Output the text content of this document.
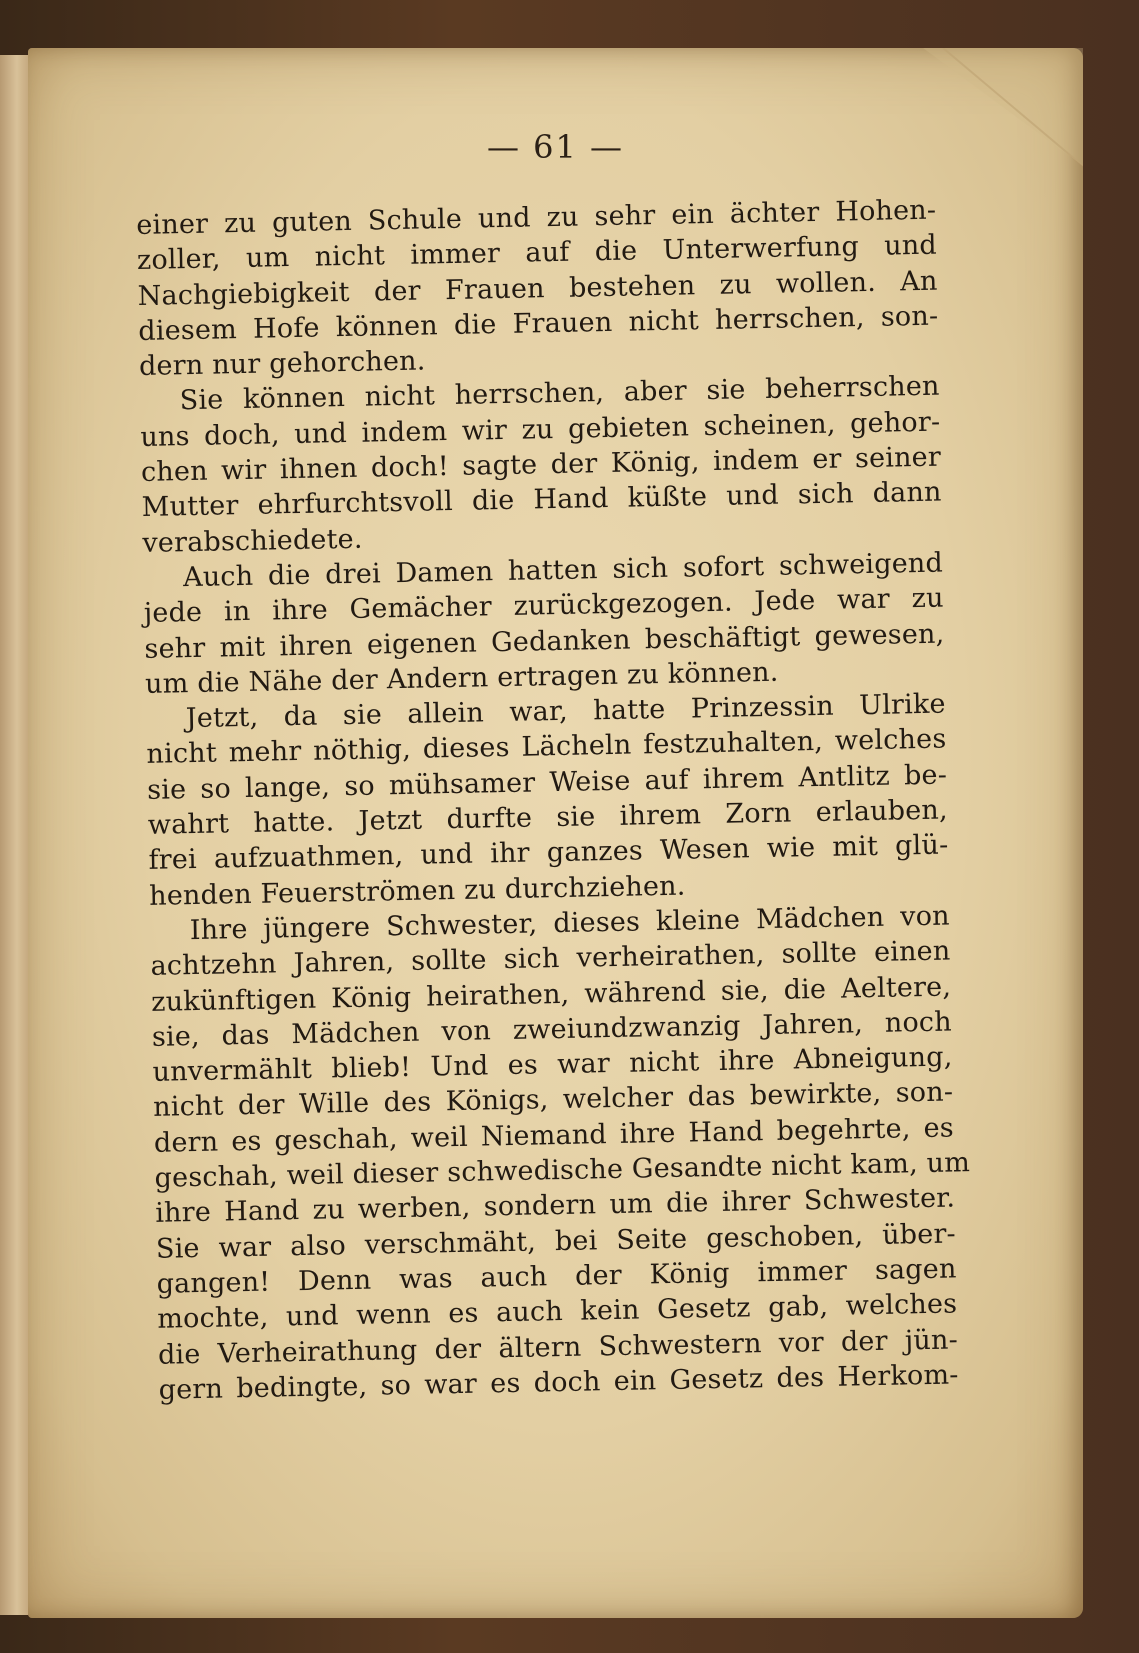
— 61 —
einer zu guten Schule und zu sehr ein ächter Hohen-
zoller, um nicht immer auf die Unterwerfung und
Nachgiebigkeit der Frauen bestehen zu wollen. An
diesem Hofe können die Frauen nicht herrschen, son-
dern nur gehorchen.
Sie können nicht herrschen, aber sie beherrschen
uns doch, und indem wir zu gebieten scheinen, gehor-
chen wir ihnen doch! sagte der König, indem er seiner
Mutter ehrfurchtsvoll die Hand küßte und sich dann
verabschiedete.
Auch die drei Damen hatten sich sofort schweigend
jede in ihre Gemächer zurückgezogen. Jede war zu
sehr mit ihren eigenen Gedanken beschäftigt gewesen,
um die Nähe der Andern ertragen zu können.
Jetzt, da sie allein war, hatte Prinzessin Ulrike
nicht mehr nöthig, dieses Lächeln festzuhalten, welches
sie so lange, so mühsamer Weise auf ihrem Antlitz be-
wahrt hatte. Jetzt durfte sie ihrem Zorn erlauben,
frei aufzuathmen, und ihr ganzes Wesen wie mit glü-
henden Feuerströmen zu durchziehen.
Ihre jüngere Schwester, dieses kleine Mädchen von
achtzehn Jahren, sollte sich verheirathen, sollte einen
zukünftigen König heirathen, während sie, die Aeltere,
sie, das Mädchen von zweiundzwanzig Jahren, noch
unvermählt blieb! Und es war nicht ihre Abneigung,
nicht der Wille des Königs, welcher das bewirkte, son-
dern es geschah, weil Niemand ihre Hand begehrte, es
geschah, weil dieser schwedische Gesandte nicht kam, um
ihre Hand zu werben, sondern um die ihrer Schwester.
Sie war also verschmäht, bei Seite geschoben, über-
gangen! Denn was auch der König immer sagen
mochte, und wenn es auch kein Gesetz gab, welches
die Verheirathung der ältern Schwestern vor der jün-
gern bedingte, so war es doch ein Gesetz des Herkom-
